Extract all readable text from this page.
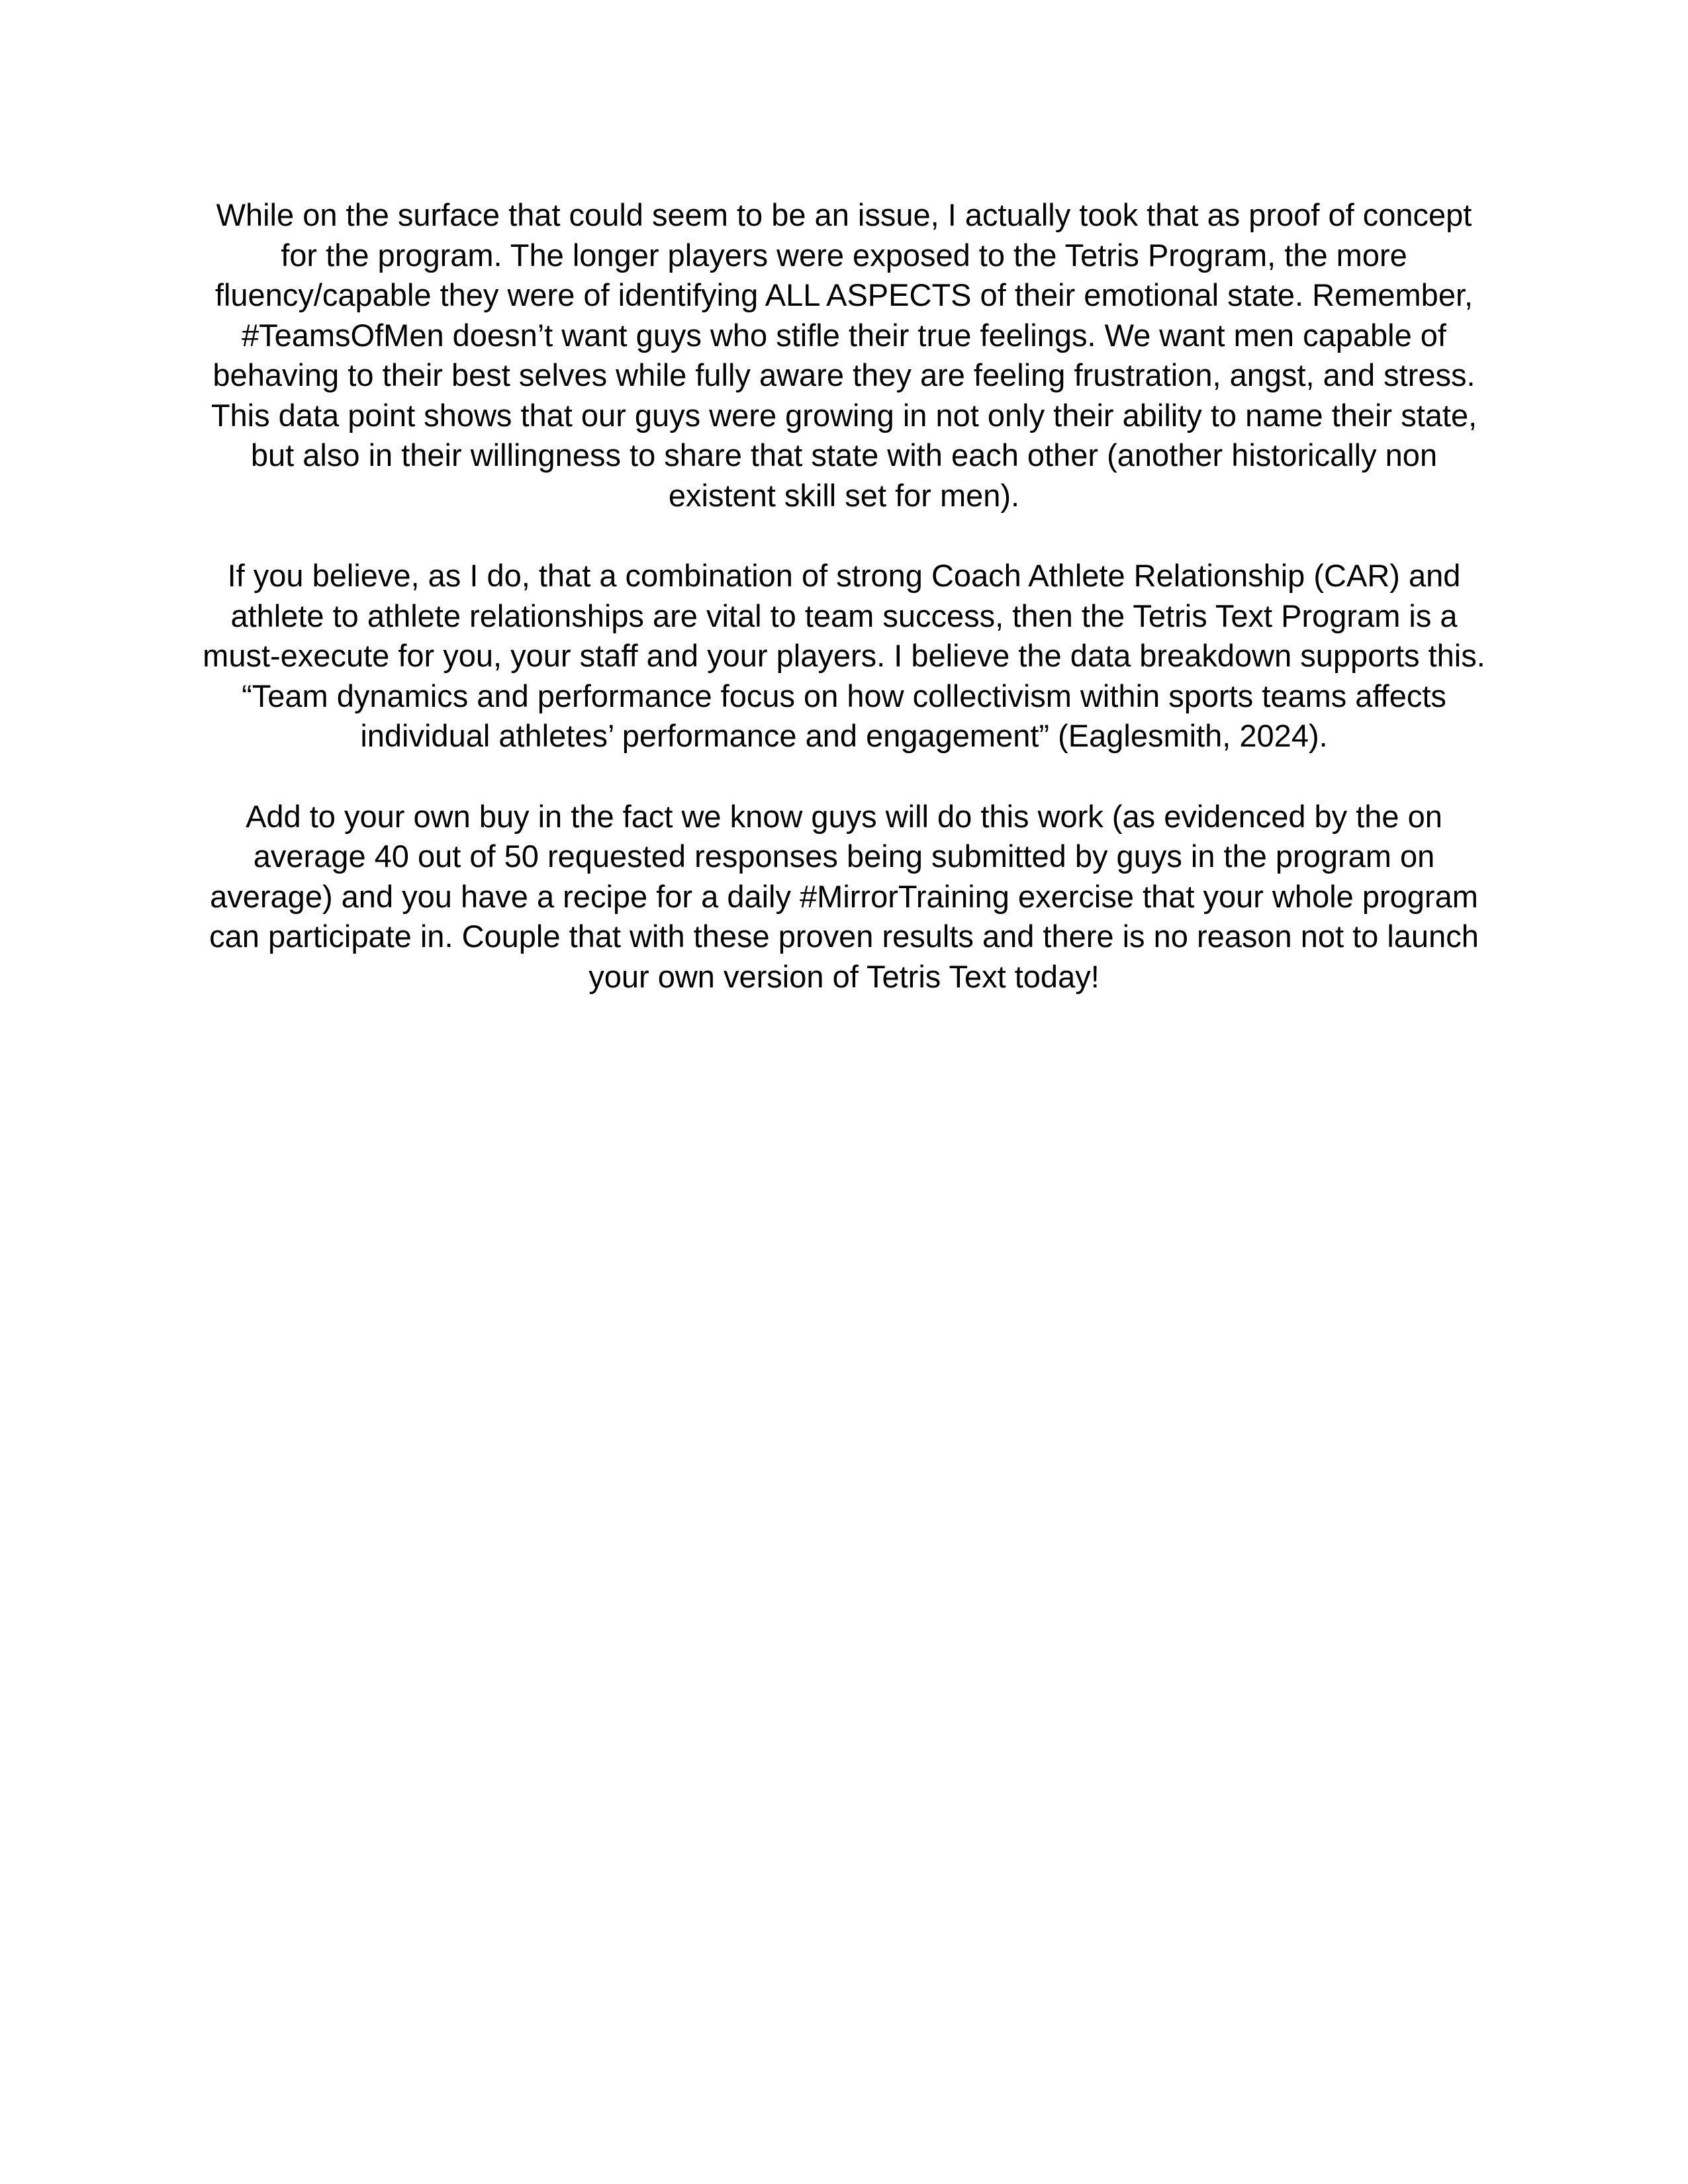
While on the surface that could seem to be an issue, I actually took that as proof of concept for the program. The longer players were exposed to the Tetris Program, the more fluency/capable they were of identifying ALL ASPECTS of their emotional state. Remember, #TeamsOfMen doesn’t want guys who stifle their true feelings. We want men capable of behaving to their best selves while fully aware they are feeling frustration, angst, and stress. This data point shows that our guys were growing in not only their ability to name their state, but also in their willingness to share that state with each other (another historically non existent skill set for men).

If you believe, as I do, that a combination of strong Coach Athlete Relationship (CAR) and athlete to athlete relationships are vital to team success, then the Tetris Text Program is a must-execute for you, your staff and your players. I believe the data breakdown supports this. “Team dynamics and performance focus on how collectivism within sports teams affects individual athletes’ performance and engagement” (Eaglesmith, 2024).

Add to your own buy in the fact we know guys will do this work (as evidenced by the on average 40 out of 50 requested responses being submitted by guys in the program on average) and you have a recipe for a daily #MirrorTraining exercise that your whole program can participate in. Couple that with these proven results and there is no reason not to launch your own version of Tetris Text today!
